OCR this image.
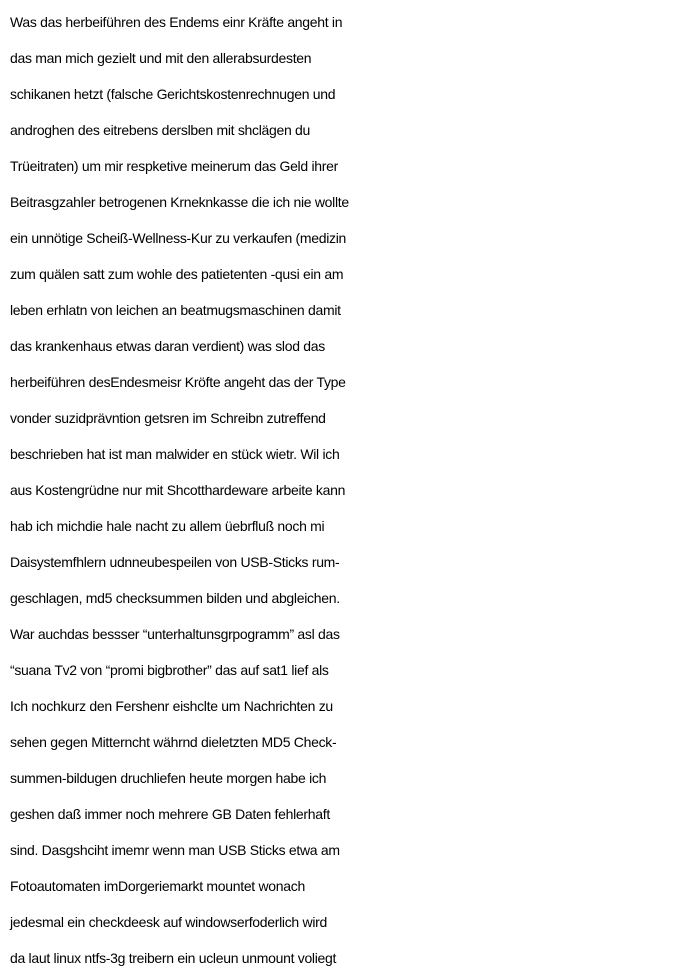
Was das herbeiführen des Endems einr Kräfte angeht in
das man mich gezielt und mit den allerabsurdesten
schikanen hetzt (falsche Gerichtskostenrechnugen und
androghen des eitrebens derslben mit shclägen du
Trüeitraten) um mir respketive meinerum das Geld ihrer
Beitrasgzahler betrogenen Krneknkasse die ich nie wollte
ein unnötige Scheiß-Wellness-Kur zu verkaufen (medizin
zum quälen satt zum wohle des patietenten -qusi ein am
leben erhlatn von leichen an beatmugsmaschinen damit
das krankenhaus etwas daran verdient) was slod das
herbeiführen desEndesmeisr Kröfte angeht das der Type
vonder suzidprävntion getsren im Schreibn zutreffend
beschrieben hat ist man malwider en stück wietr. Wil ich
aus Kostengrüdne nur mit Shcotthardeware arbeite kann
hab ich michdie hale nacht zu allem üebrfluß noch mi
Daisystemfhlern udnneubespeilen von USB-Sticks rum-
geschlagen, md5 checksummen bilden und abgleichen.
War auchdas bessser “unterhaltunsgrpogramm” asl das
“suana Tv2 von “promi bigbrother” das auf sat1 lief als
Ich nochkurz den Fershenr eishclte um Nachrichten zu
sehen gegen Mitterncht währnd dieletzten MD5 Check-
summen-bildugen druchliefen heute morgen habe ich
geshen daß immer noch mehrere GB Daten fehlerhaft
sind. Dasgshciht imemr wenn man USB Sticks etwa am
Fotoautomaten imDorgeriemarkt mountet wonach
jedesmal ein checkdeesk auf windowserfoderlich wird
da laut linux ntfs-3g treibern ein ucleun unmount voliegt
